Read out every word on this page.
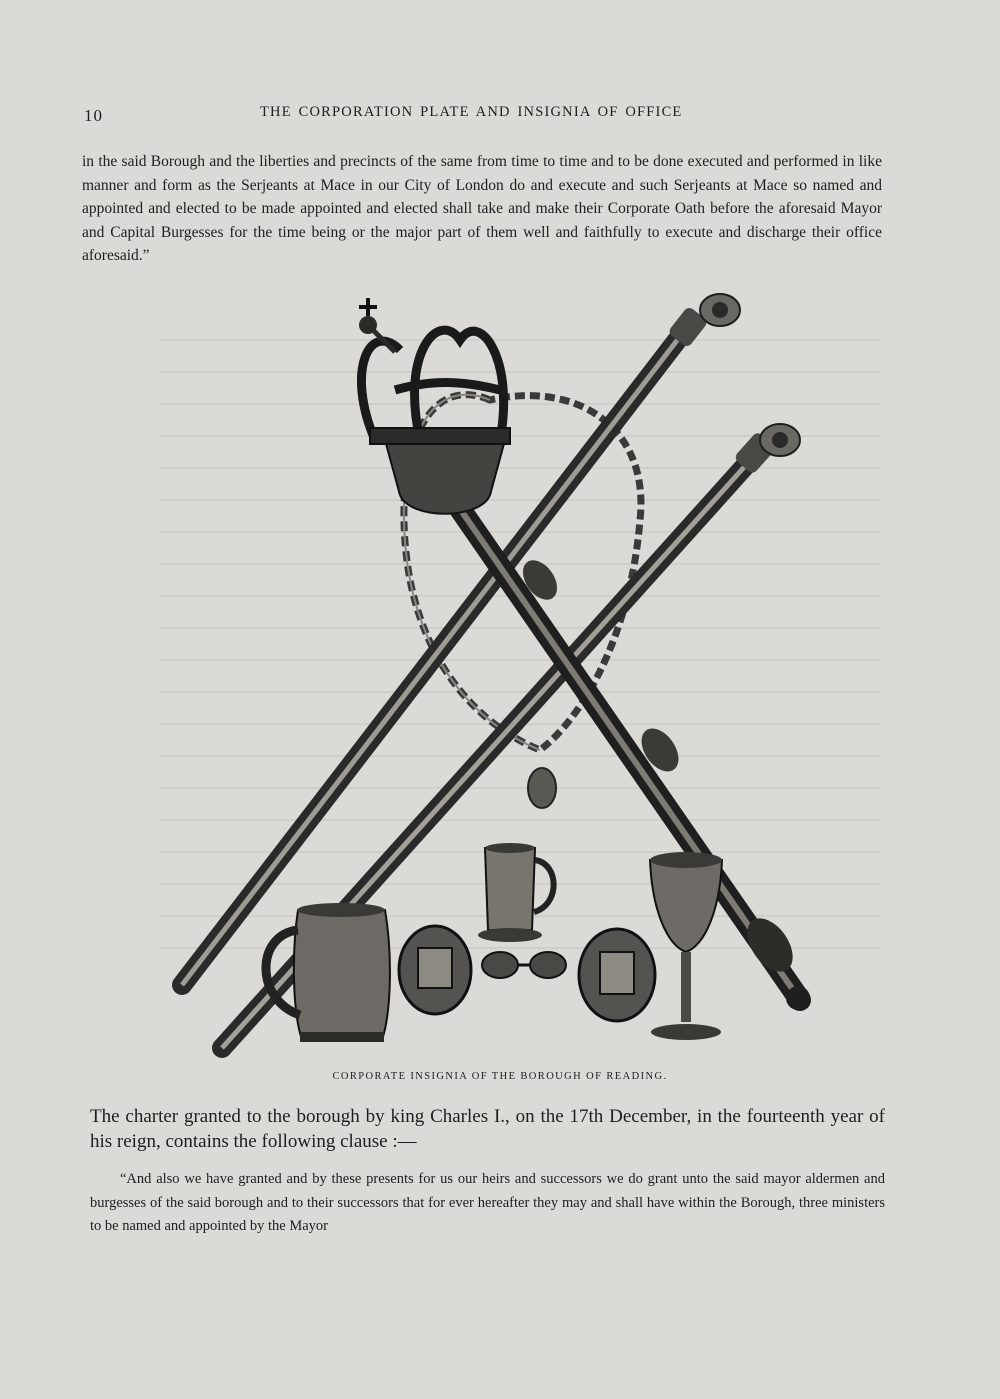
10	THE CORPORATION PLATE AND INSIGNIA OF OFFICE

in the said Borough and the liberties and precincts of the same from time to time and to be done executed and performed in like manner and form as the Serjeants at Mace in our City of London do and execute and such Serjeants at Mace so named and appointed and elected to be made appointed and elected shall take and make their Corporate Oath before the aforesaid Mayor and Capital Burgesses for the time being or the major part of them well and faithfully to execute and discharge their office aforesaid.”

CORPORATE INSIGNIA OF THE BOROUGH OF READING.

The charter granted to the borough by king Charles I., on the 17th December, in the fourteenth year of his reign, contains the following clause :—

“And also we have granted and by these presents for us our heirs and successors we do grant unto the said mayor aldermen and burgesses of the said borough and to their successors that for ever hereafter they may and shall have within the Borough, three ministers to be named and appointed by the Mayor
